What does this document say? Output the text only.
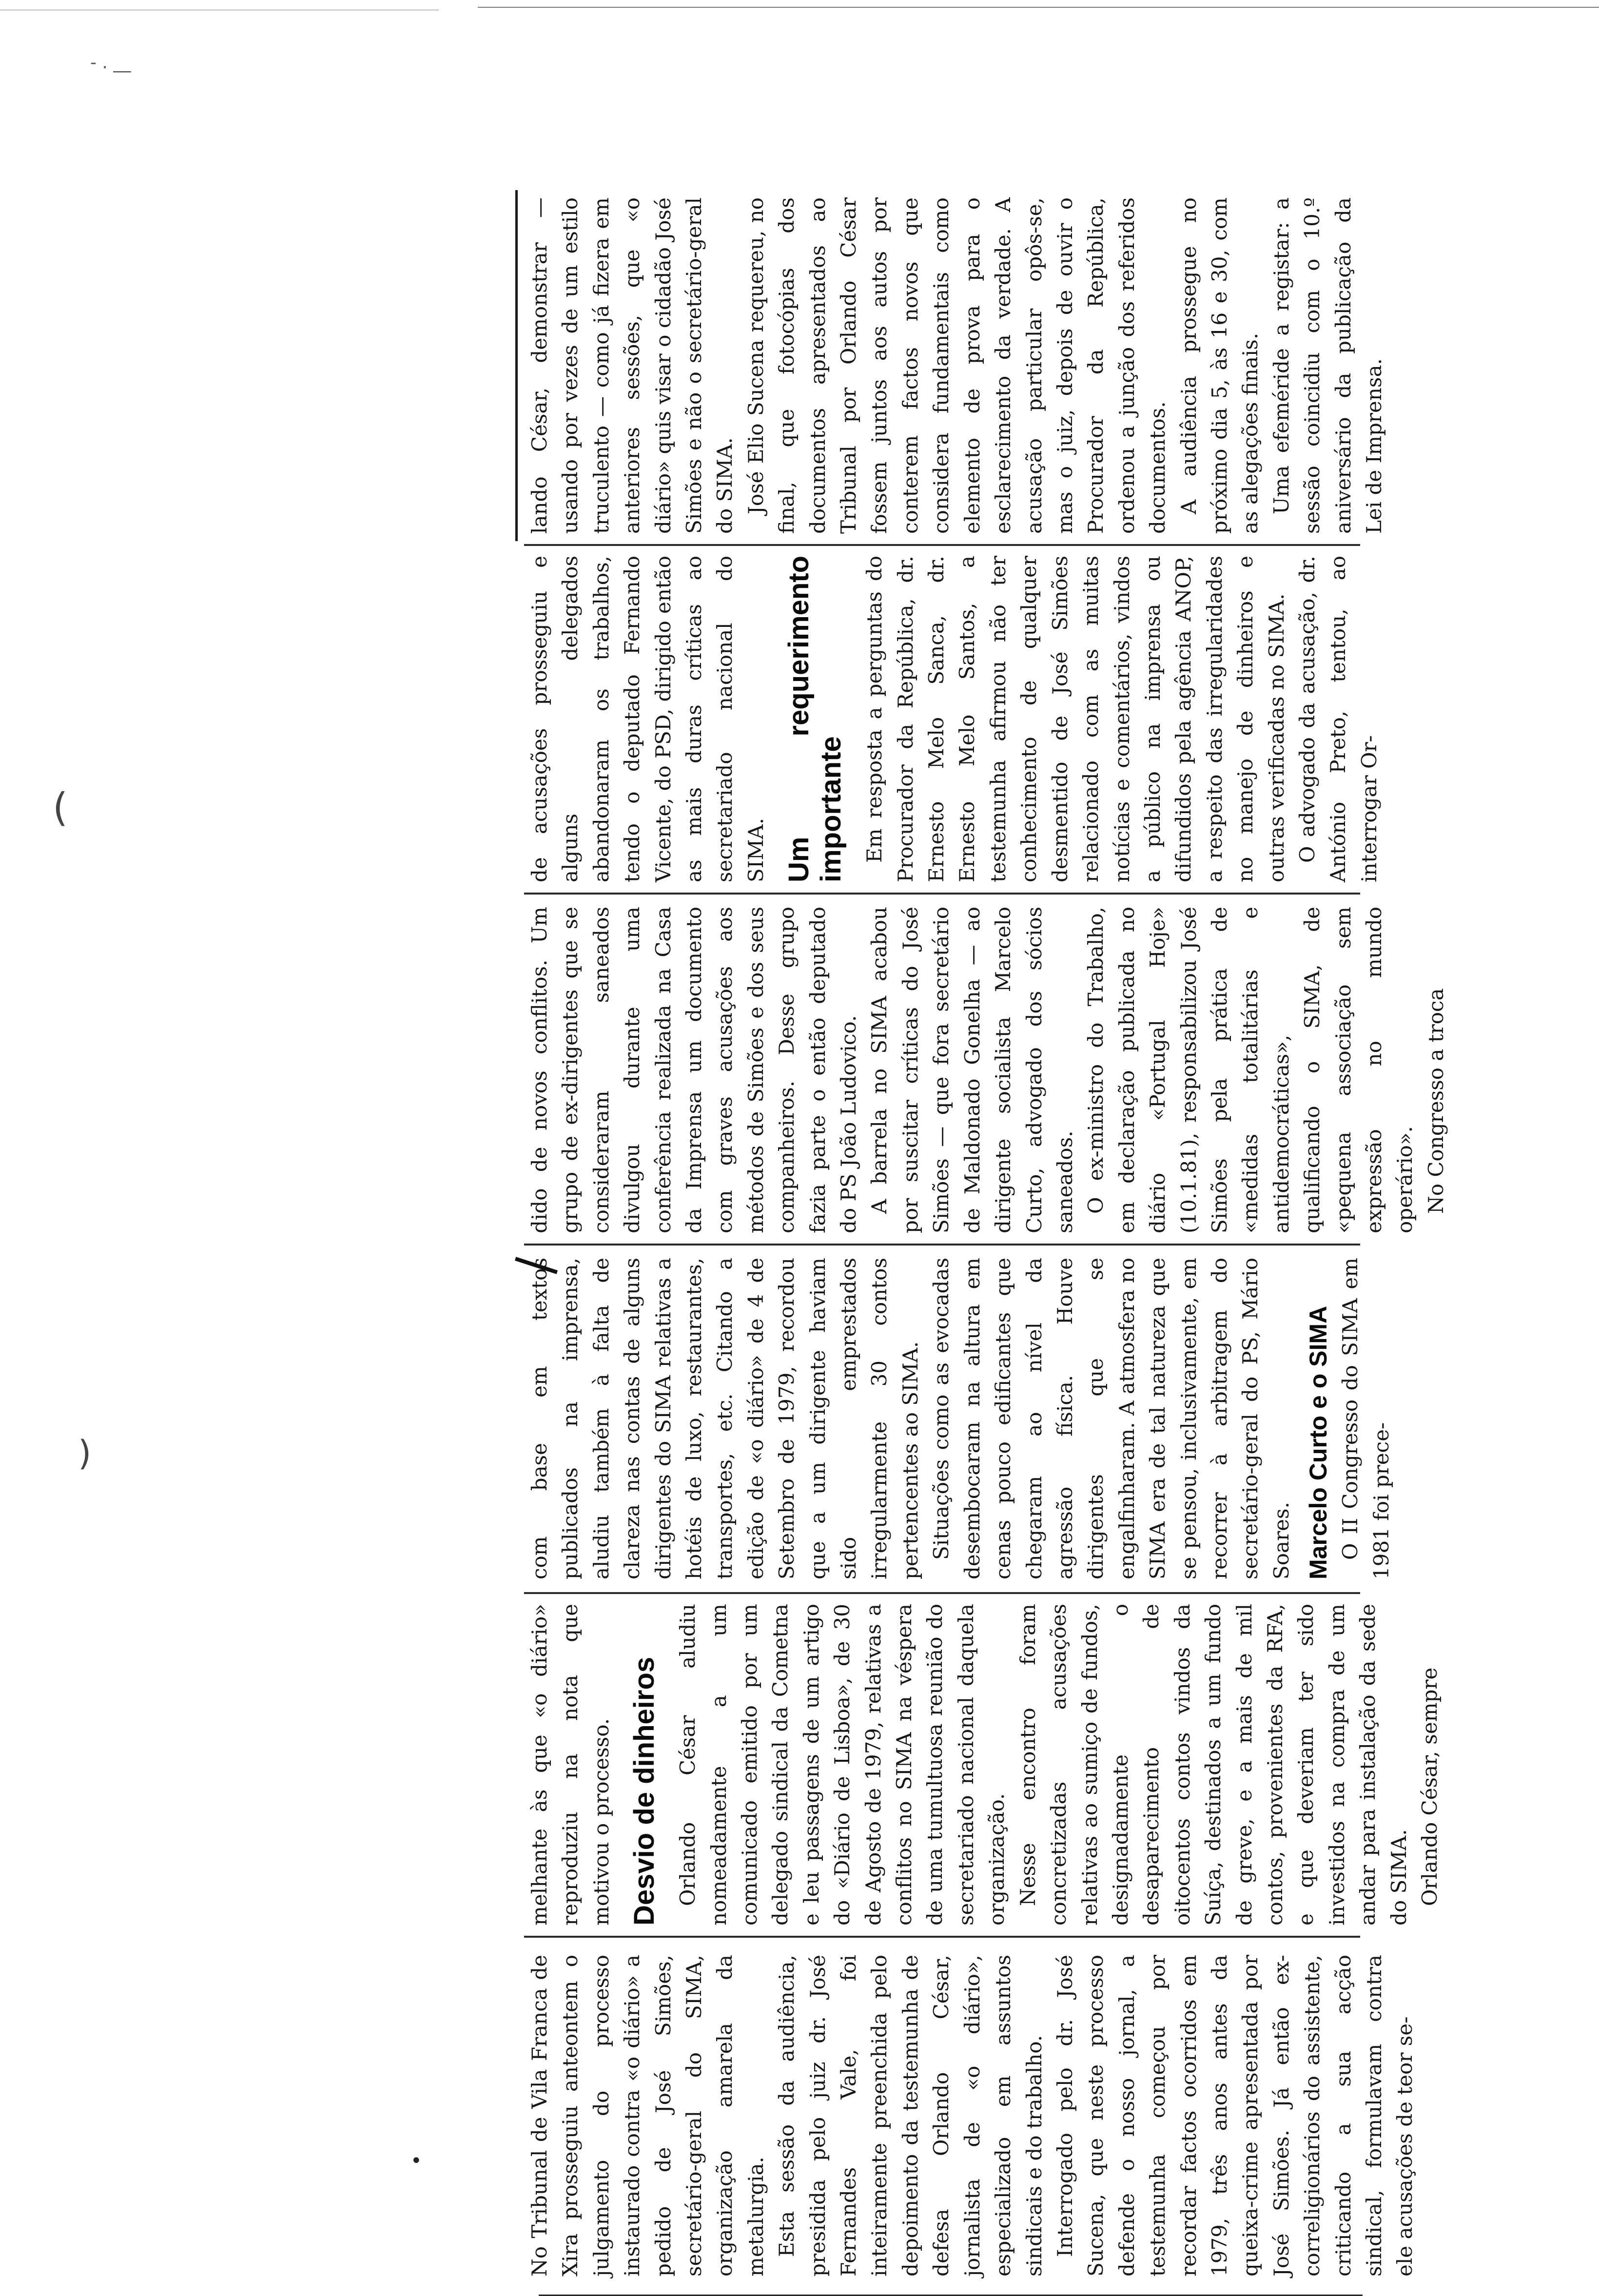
- . __
(
)
•	No Tribunal de Vila Franca de Xira prosseguiu anteontem o julgamento do processo instaurado contra «o diário» a pedido de José Simões, secretário-geral do SIMA, organização amarela da metalurgia. Esta sessão da audiência, presidida pelo juiz dr. José Fernandes Vale, foi inteiramente preenchida pelo depoimento da testemunha de defesa Orlando César, jornalista de «o diário», especializado em assuntos sindicais e do trabalho. Interrogado pelo dr. José Sucena, que neste processo defende o nosso jornal, a testemunha começou por recordar factos ocorridos em 1979, três anos antes da queixa-crime apresentada por José Simões. Já então ex-correligionários do assistente, criticando a sua acção sindical, formulavam contra ele acusações de teor se-

melhante às que «o diário» reproduziu na nota que motivou o processo. Desvio de dinheiros Orlando César aludiu nomeadamente a um comunicado emitido por um delegado sindical da Cometna e leu passagens de um artigo do «Diário de Lisboa», de 30 de Agosto de 1979, relativas a conflitos no SIMA na véspera de uma tumultuosa reunião do secretariado nacional daquela organização. Nesse encontro foram concretizadas acusações relativas ao sumiço de fundos, designadamente o desaparecimento de oitocentos contos vindos da Suíça, destinados a um fundo de greve, e a mais de mil contos, provenientes da RFA, e que deveriam ter sido investidos na compra de um andar para instalação da sede do SIMA. Orlando César, sempre

com base em textos publicados na imprensa, aludiu também à falta de clareza nas contas de alguns dirigentes do SIMA relativas a hotéis de luxo, restaurantes, transportes, etc. Citando a edição de «o diário» de 4 de Setembro de 1979, recordou que a um dirigente haviam sido emprestados irregularmente 30 contos pertencentes ao SIMA. Situações como as evocadas desembocaram na altura em cenas pouco edificantes que chegaram ao nível da agressão física. Houve dirigentes que se engalfinharam. A atmosfera no SIMA era de tal natureza que se pensou, inclusivamente, em recorrer à arbitragem do secretário-geral do PS, Mário Soares. Marcelo Curto e o SIMA O II Congresso do SIMA em 1981 foi prece-

dido de novos conflitos. Um grupo de ex-dirigentes que se consideraram saneados divulgou durante uma conferência realizada na Casa da Imprensa um documento com graves acusações aos métodos de Simões e dos seus companheiros. Desse grupo fazia parte o então deputado do PS João Ludovico. A barrela no SIMA acabou por suscitar críticas do José Simões — que fora secretário de Maldonado Gonelha — ao dirigente socialista Marcelo Curto, advogado dos sócios saneados. O ex-ministro do Trabalho, em declaração publicada no diário «Portugal Hoje» (10.1.81), responsabilizou José Simões pela prática de «medidas totalitárias e antidemocráticas», qualificando o SIMA, de «pequena associação sem expressão no mundo operário». No Congresso a troca

de acusações prosseguiu e alguns delegados abandonaram os trabalhos, tendo o deputado Fernando Vicente, do PSD, dirigido então as mais duras críticas ao secretariado nacional do SIMA. Um requerimento importante Em resposta a perguntas do Procurador da República, dr. Ernesto Melo Sanca, dr. Ernesto Melo Santos, a testemunha afirmou não ter conhecimento de qualquer desmentido de José Simões relacionado com as muitas notícias e comentários, vindos a público na imprensa ou difundidos pela agência ANOP, a respeito das irregularidades no manejo de dinheiros e outras verificadas no SIMA. O advogado da acusação, dr. António Preto, tentou, ao interrogar Or-

lando César, demonstrar — usando por vezes de um estilo truculento — como já fizera em anteriores sessões, que «o diário» quis visar o cidadão José Simões e não o secretário-geral do SIMA. José Elio Sucena requereu, no final, que fotocópias dos documentos apresentados ao Tribunal por Orlando César fossem juntos aos autos por conterem factos novos que considera fundamentais como elemento de prova para o esclarecimento da verdade. A acusação particular opôs-se, mas o juiz, depois de ouvir o Procurador da República, ordenou a junção dos referidos documentos. A audiência prossegue no próximo dia 5, às 16 e 30, com as alegações finais. Uma efeméride a registar: a sessão coincidiu com o 10.º aniversário da publicação da Lei de Imprensa.
